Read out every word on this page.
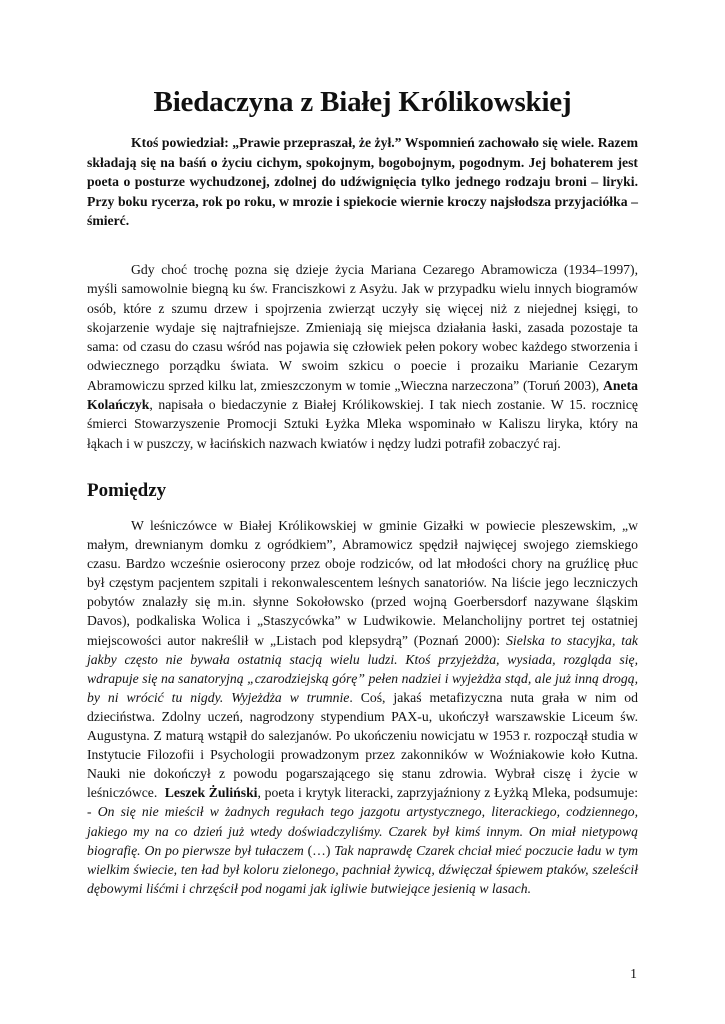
Biedaczyna z Białej Królikowskiej
Ktoś powiedział: „Prawie przepraszał, że żył.” Wspomnień zachowało się wiele. Razem składają się na baśń o życiu cichym, spokojnym, bogobojnym, pogodnym. Jej bohaterem jest poeta o posturze wychudzonej, zdolnej do udźwignięcia tylko jednego rodzaju broni – liryki. Przy boku rycerza, rok po roku, w mrozie i spiekocie wiernie kroczy najsłodsza przyjaciółka – śmierć.
Gdy choć trochę pozna się dzieje życia Mariana Cezarego Abramowicza (1934–1997), myśli samowolnie biegną ku św. Franciszkowi z Asyżu. Jak w przypadku wielu innych biogramów osób, które z szumu drzew i spojrzenia zwierząt uczyły się więcej niż z niejednej księgi, to skojarzenie wydaje się najtrafniejsze. Zmieniają się miejsca działania łaski, zasada pozostaje ta sama: od czasu do czasu wśród nas pojawia się człowiek pełen pokory wobec każdego stworzenia i odwiecznego porządku świata. W swoim szkicu o poecie i prozaiku Marianie Cezarym Abramowiczu sprzed kilku lat, zmieszczonym w tomie „Wieczna narzeczona” (Toruń 2003), Aneta Kolańczyk, napisała o biedaczynie z Białej Królikowskiej. I tak niech zostanie. W 15. rocznicę śmierci Stowarzyszenie Promocji Sztuki Łyżka Mleka wspominało w Kaliszu liryka, który na łąkach i w puszczy, w łacińskich nazwach kwiatów i nędzy ludzi potrafił zobaczyć raj.
Pomiędzy
W leśniczówce w Białej Królikowskiej w gminie Gizałki w powiecie pleszewskim, „w małym, drewnianym domku z ogródkiem”, Abramowicz spędził najwięcej swojego ziemskiego czasu. Bardzo wcześnie osierocony przez oboje rodziców, od lat młodości chory na gruźlicę płuc był częstym pacjentem szpitali i rekonwalescentem leśnych sanatoriów. Na liście jego leczniczych pobytów znalazły się m.in. słynne Sokołowsko (przed wojną Goerbersdorf nazywane śląskim Davos), podkaliska Wolica i „Staszycówka” w Ludwikowie. Melancholijny portret tej ostatniej miejscowości autor nakreślił w „Listach pod klepsydrą” (Poznań 2000): Sielska to stacyjka, tak jakby często nie bywała ostatnią stacją wielu ludzi. Ktoś przyjeżdża, wysiada, rozgląda się, wdrapuje się na sanatoryjną „czarodziejską górę” pełen nadziei i wyjeżdża stąd, ale już inną drogą, by ni wrócić tu nigdy. Wyjeżdża w trumnie. Coś, jakaś metafizyczna nuta grała w nim od dzieciństwa. Zdolny uczeń, nagrodzony stypendium PAX-u, ukończył warszawskie Liceum św. Augustyna. Z maturą wstąpił do salezjanów. Po ukończeniu nowicjatu w 1953 r. rozpoczął studia w Instytucie Filozofii i Psychologii prowadzonym przez zakonników w Woźniakowie koło Kutna. Nauki nie dokończył z powodu pogarszającego się stanu zdrowia. Wybrał ciszę i życie w leśniczówce. Leszek Żuliński, poeta i krytyk literacki, zaprzyjaźniony z Łyżką Mleka, podsumuje: - On się nie mieścił w żadnych regułach tego jazgotu artystycznego, literackiego, codziennego, jakiego my na co dzień już wtedy doświadczyliśmy. Czarek był kimś innym. On miał nietypową biografię. On po pierwsze był tułaczem (…) Tak naprawdę Czarek chciał mieć poczucie ładu w tym wielkim świecie, ten ład był koloru zielonego, pachniał żywicą, dźwięczał śpiewem ptaków, szeleścił dębowymi liśćmi i chrzęścił pod nogami jak igliwie butwiejące jesienią w lasach.
1
